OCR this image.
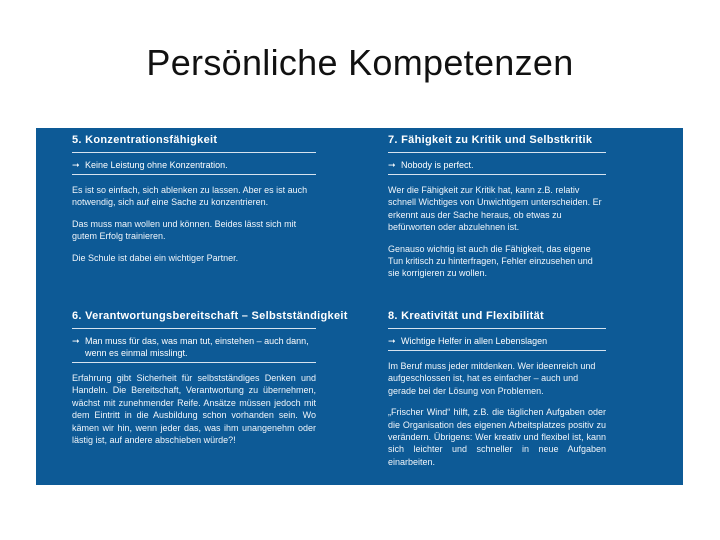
Persönliche Kompetenzen
5. Konzentrationsfähigkeit
➞ Keine Leistung ohne Konzentration.
Es ist so einfach, sich ablenken zu lassen. Aber es ist auch notwendig, sich auf eine Sache zu konzentrieren.
Das muss man wollen und können. Beides lässt sich mit gutem Erfolg trainieren.
Die Schule ist dabei ein wichtiger Partner.
6. Verantwortungsbereitschaft – Selbstständigkeit
➞ Man muss für das, was man tut, einstehen – auch dann, wenn es einmal misslingt.
Erfahrung gibt Sicherheit für selbstständiges Denken und Handeln. Die Bereitschaft, Verantwortung zu übernehmen, wächst mit zunehmender Reife. Ansätze müssen jedoch mit dem Eintritt in die Ausbildung schon vorhanden sein. Wo kämen wir hin, wenn jeder das, was ihm unangenehm oder lästig ist, auf andere abschieben würde?!
7. Fähigkeit zu Kritik und Selbstkritik
➞ Nobody is perfect.
Wer die Fähigkeit zur Kritik hat, kann z.B. relativ schnell Wichtiges von Unwichtigem unterscheiden. Er erkennt aus der Sache heraus, ob etwas zu befürworten oder abzulehnen ist.
Genauso wichtig ist auch die Fähigkeit, das eigene Tun kritisch zu hinterfragen, Fehler einzusehen und sie korrigieren zu wollen.
8. Kreativität und Flexibilität
➞ Wichtige Helfer in allen Lebenslagen
Im Beruf muss jeder mitdenken. Wer ideenreich und aufgeschlossen ist, hat es einfacher – auch und gerade bei der Lösung von Problemen.
„Frischer Wind“ hilft, z.B. die täglichen Aufgaben oder die Organisation des eigenen Arbeitsplatzes positiv zu verändern. Übrigens: Wer kreativ und flexibel ist, kann sich leichter und schneller in neue Aufgaben einarbeiten.
